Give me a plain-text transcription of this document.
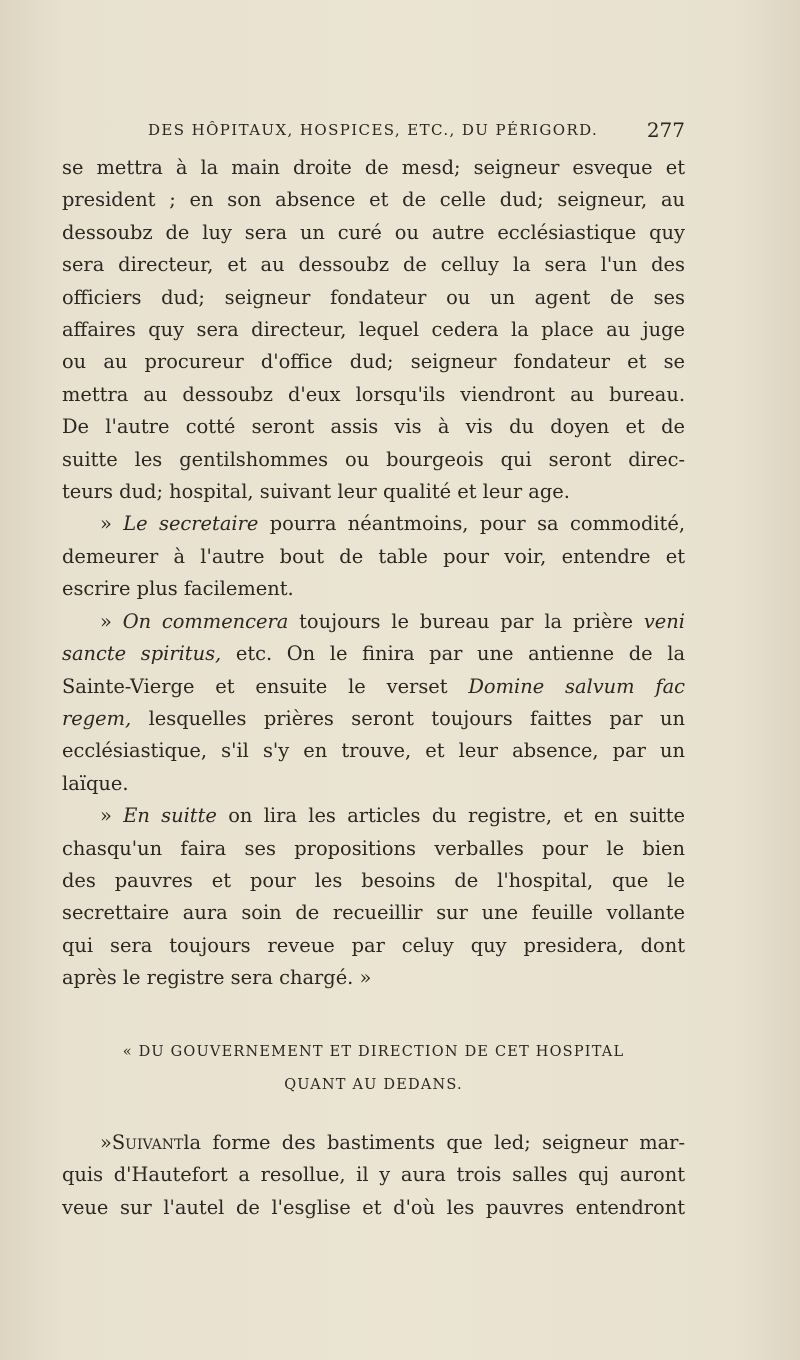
DES HÔPITAUX, HOSPICES, ETC., DU PÉRIGORD. 277
se mettra à la main droite de mesd; seigneur esveque et
president ; en son absence et de celle dud; seigneur, au
dessoubz de luy sera un curé ou autre ecclésiastique quy
sera directeur, et au dessoubz de celluy la sera l'un des
officiers dud; seigneur fondateur ou un agent de ses
affaires quy sera directeur, lequel cedera la place au juge
ou au procureur d'office dud; seigneur fondateur et se
mettra au dessoubz d'eux lorsqu'ils viendront au bureau.
De l'autre cotté seront assis vis à vis du doyen et de
suitte les gentilshommes ou bourgeois qui seront direc-
teurs dud; hospital, suivant leur qualité et leur age.
» Le secretaire pourra néantmoins, pour sa commodité,
demeurer à l'autre bout de table pour voir, entendre et
escrire plus facilement.
» On commencera toujours le bureau par la prière veni
sancte spiritus, etc. On le finira par une antienne de la
Sainte-Vierge et ensuite le verset Domine salvum fac
regem, lesquelles prières seront toujours faittes par un
ecclésiastique, s'il s'y en trouve, et leur absence, par un
laïque.
» En suitte on lira les articles du registre, et en suitte
chasqu'un faira ses propositions verballes pour le bien
des pauvres et pour les besoins de l'hospital, que le
secrettaire aura soin de recueillir sur une feuille vollante
qui sera toujours reveue par celuy quy presidera, dont
après le registre sera chargé. »
« DU GOUVERNEMENT ET DIRECTION DE CET HOSPITAL
QUANT AU DEDANS.
»Suivantla forme des bastiments que led; seigneur mar-
quis d'Hautefort a resollue, il y aura trois salles quj auront
veue sur l'autel de l'esglise et d'où les pauvres entendront
